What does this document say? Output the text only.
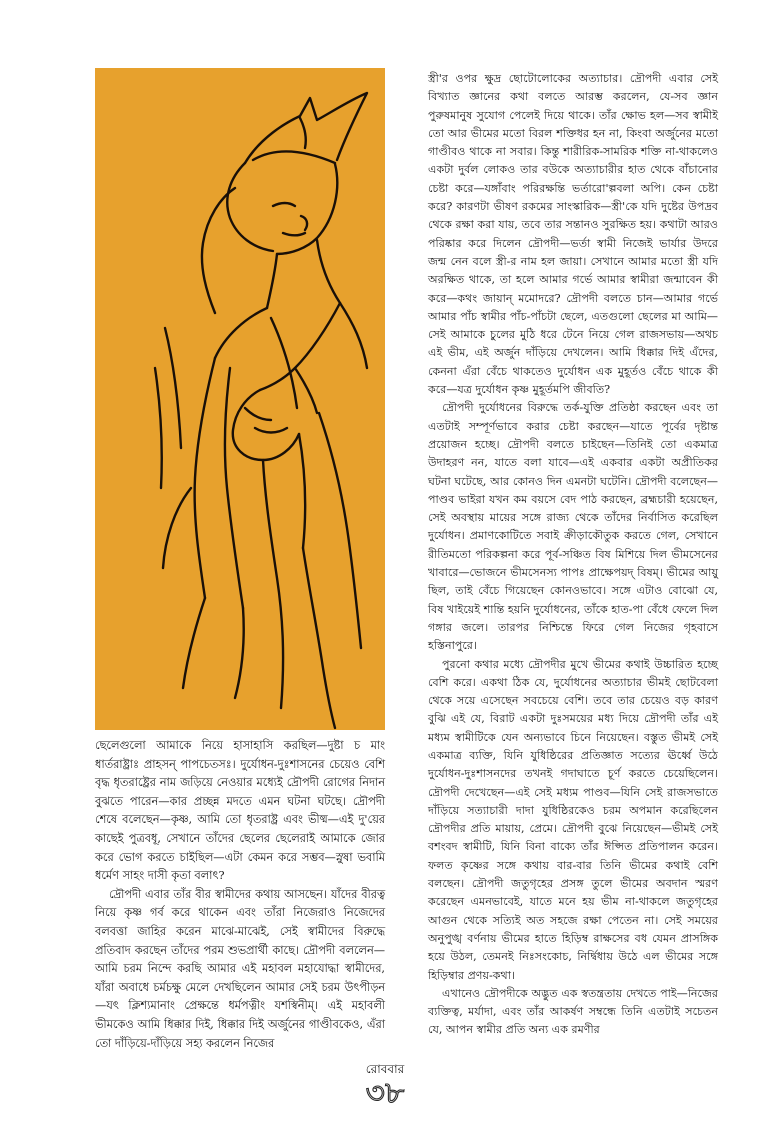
স্ত্রী'র ওপর ক্ষুদ্র ছোটোলোকের অত্যাচার। দ্রৌপদী এবার সেই বিখ্যাত জ্ঞানের কথা বলতে আরম্ভ করলেন, যে-সব জ্ঞান পুরুষমানুষ সুযোগ পেলেই দিয়ে থাকে। তাঁর ক্ষোভ হল—সব স্বামীই তো আর ভীমের মতো বিরল শক্তিধর হন না, কিংবা অর্জুনের মতো গাণ্ডীবও থাকে না সবার। কিন্তু শারীরিক-সামরিক শক্তি না-থাকলেও একটা দুর্বল লোকও তার বউকে অত্যাচারীর হাত থেকে বাঁচানোর চেষ্টা করে—যঙ্গাঁবাং পরিরক্ষন্তি ভর্তারো'ল্পবলা অপি। কেন চেষ্টা করে? কারণটা ভীষণ রকমের সাংস্কারিক—স্ত্রী'কে যদি দুষ্টের উপদ্রব থেকে রক্ষা করা যায়, তবে তার সন্তানও সুরক্ষিত হয়। কথাটা আরও পরিষ্কার করে দিলেন দ্রৌপদী—ভর্তা স্বামী নিজেই ভার্যার উদরে জন্ম নেন বলে স্ত্রী-র নাম হল জায়া। সেখানে আমার মতো স্ত্রী যদি অরক্ষিত থাকে, তা হলে আমার গর্ভে আমার স্বামীরা জন্মাবেন কী করে—কথং জায়ান্ মমোদরে? দ্রৌপদী বলতে চান—আমার গর্ভে আমার পাঁচ স্বামীর পাঁচ-পাঁচটা ছেলে, এতগুলো ছেলের মা আমি—সেই আমাকে চুলের মুঠি ধরে টেনে নিয়ে গেল রাজসভায়—অথচ এই ভীম, এই অর্জুন দাঁড়িয়ে দেখলেন। আমি ধিক্কার দিই এঁদের, কেননা এঁরা বেঁচে থাকতেও দুর্যোধন এক মুহূর্তও বেঁচে থাকে কী করে—যত্র দুর্যোধন কৃষ্ণ মুহূর্তমপি জীবতি?

দ্রৌপদী দুর্যোধনের বিরুদ্ধে তর্ক-যুক্তি প্রতিষ্ঠা করছেন এবং তা এতটাই সম্পূর্ণভাবে করার চেষ্টা করছেন—যাতে পূর্বের দৃষ্টান্ত প্রয়োজন হচ্ছে। দ্রৌপদী বলতে চাইছেন—তিনিই তো একমাত্র উদাহরণ নন, যাতে বলা যাবে—এই একবার একটা অপ্রীতিকর ঘটনা ঘটেছে, আর কোনও দিন এমনটা ঘটেনি। দ্রৌপদী বলেছেন—পাণ্ডব ভাইরা যখন কম বয়সে বেদ পাঠ করছেন, ব্রহ্মচারী হয়েছেন, সেই অবস্থায় মায়ের সঙ্গে রাজ্য থেকে তাঁদের নির্বাসিত করেছিল দুর্যোধন। প্রমাণকোটিতে সবাই ক্রীড়াকৌতুক করতে গেল, সেখানে রীতিমতো পরিকল্পনা করে পূর্ব-সঞ্চিত বিষ মিশিয়ে দিল ভীমসেনের খাবারে—ভোজনে ভীমসেনস্য পাপঃ প্রাক্ষেপয়দ্ বিষম্। ভীমের আয়ু ছিল, তাই বেঁচে গিয়েছেন কোনওভাবে। সঙ্গে এটাও বোঝো যে, বিষ খাইয়েই শান্তি হয়নি দুর্যোধনের, তাঁকে হাত-পা বেঁধে ফেলে দিল গঙ্গার জলে। তারপর নিশ্চিন্তে ফিরে গেল নিজের গৃহবাসে হস্তিনাপুরে।

পুরনো কথার মধ্যে দ্রৌপদীর মুখে ভীমের কথাই উচ্চারিত হচ্ছে বেশি করে। একথা ঠিক যে, দুর্যোধনের অত্যাচার ভীমই ছোটবেলা থেকে সয়ে এসেছেন সবচেয়ে বেশি। তবে তার চেয়েও বড় কারণ বুঝি এই যে, বিরাট একটা দুঃসময়ের মধ্য দিয়ে দ্রৌপদী তাঁর এই মধ্যম স্বামীটিকে যেন অন্যভাবে চিনে নিয়েছেন। বস্তুত ভীমই সেই একমাত্র ব্যক্তি, যিনি যুধিষ্ঠিরের প্রতিজ্ঞাত সত্যের ঊর্ধ্বে উঠে দুর্যোধন-দুঃশাসনদের তখনই গদাঘাতে চূর্ণ করতে চেয়েছিলেন। দ্রৌপদী দেখেছেন—এই সেই মধ্যম পাণ্ডব—যিনি সেই রাজসভাতে দাঁড়িয়ে সত্যাচারী দাদা যুধিষ্ঠিরকেও চরম অপমান করেছিলেন দ্রৌপদীর প্রতি মায়ায়, প্রেমে। দ্রৌপদী বুঝে নিয়েছেন—ভীমই সেই বশংবদ স্বামীটি, যিনি বিনা বাক্যে তাঁর ঈপ্সিত প্রতিপালন করেন। ফলত কৃষ্ণের সঙ্গে কথায় বার-বার তিনি ভীমের কথাই বেশি বলছেন। দ্রৌপদী জতুগৃহের প্রসঙ্গ তুলে ভীমের অবদান স্মরণ করেছেন এমনভাবেই, যাতে মনে হয় ভীম না-থাকলে জতুগৃহের আগুন থেকে সত্যিই অত সহজে রক্ষা পেতেন না। সেই সময়ের অনুপুঙ্খ বর্ণনায় ভীমের হাতে হিড়িম্ব রাক্ষসের বধ যেমন প্রাসঙ্গিক হয়ে উঠল, তেমনই নিঃসংকোচ, নির্দ্বিধায় উঠে এল ভীমের সঙ্গে হিড়িম্বার প্রণয়-কথা।

এখানেও দ্রৌপদীকে অদ্ভুত এক স্বতন্ত্রতায় দেখতে পাই—নিজের ব্যক্তিত্ব, মর্যাদা, এবং তাঁর আকর্ষণ সম্বন্ধে তিনি এতটাই সচেতন যে, আপন স্বামীর প্রতি অন্য এক রমণীর

ছেলেগুলো আমাকে নিয়ে হাসাহাসি করছিল—দুষ্টা চ মাং ধার্তরাষ্ট্রাঃ প্রাহসন্ পাপচেতসঃ। দুর্যোধন-দুঃশাসনের চেয়েও বেশি বৃদ্ধ ধৃতরাষ্ট্রের নাম জড়িয়ে নেওয়ার মধ্যেই দ্রৌপদী রোগের নিদান বুঝতে পারেন—কার প্রচ্ছন্ন মদতে এমন ঘটনা ঘটছে। দ্রৌপদী শেষে বলেছেন—কৃষ্ণ, আমি তো ধৃতরাষ্ট্র এবং ভীষ্ম—এই দু'য়ের কাছেই পুত্রবধূ, সেখানে তাঁদের ছেলের ছেলেরাই আমাকে জোর করে ভোগ করতে চাইছিল—এটা কেমন করে সম্ভব—স্নুষা ভবামি ধর্মেণ সাহং দাসী কৃতা বলাৎ?

দ্রৌপদী এবার তাঁর বীর স্বামীদের কথায় আসছেন। যাঁদের বীরত্ব নিয়ে কৃষ্ণ গর্ব করে থাকেন এবং তাঁরা নিজেরাও নিজেদের বলবত্তা জাহির করেন মাঝে-মাঝেই, সেই স্বামীদের বিরুদ্ধে প্রতিবাদ করছেন তাঁদের পরম শুভপ্রার্থী কাছে। দ্রৌপদী বললেন—আমি চরম নিন্দে করছি আমার এই মহাবল মহাযোদ্ধা স্বামীদের, যাঁরা অবাধে চর্মচক্ষু মেলে দেখছিলেন আমার সেই চরম উৎপীড়ন—যৎ ক্লিশ্যমানাং প্রেক্ষন্তে ধর্মপত্নীং যশস্বিনীম্। এই মহাবলী ভীমকেও আমি ধিক্কার দিই, ধিক্কার দিই অর্জুনের গাণ্ডীবকেও, এঁরা তো দাঁড়িয়ে-দাঁড়িয়ে সহ্য করলেন নিজের

রোববার
৩৮
